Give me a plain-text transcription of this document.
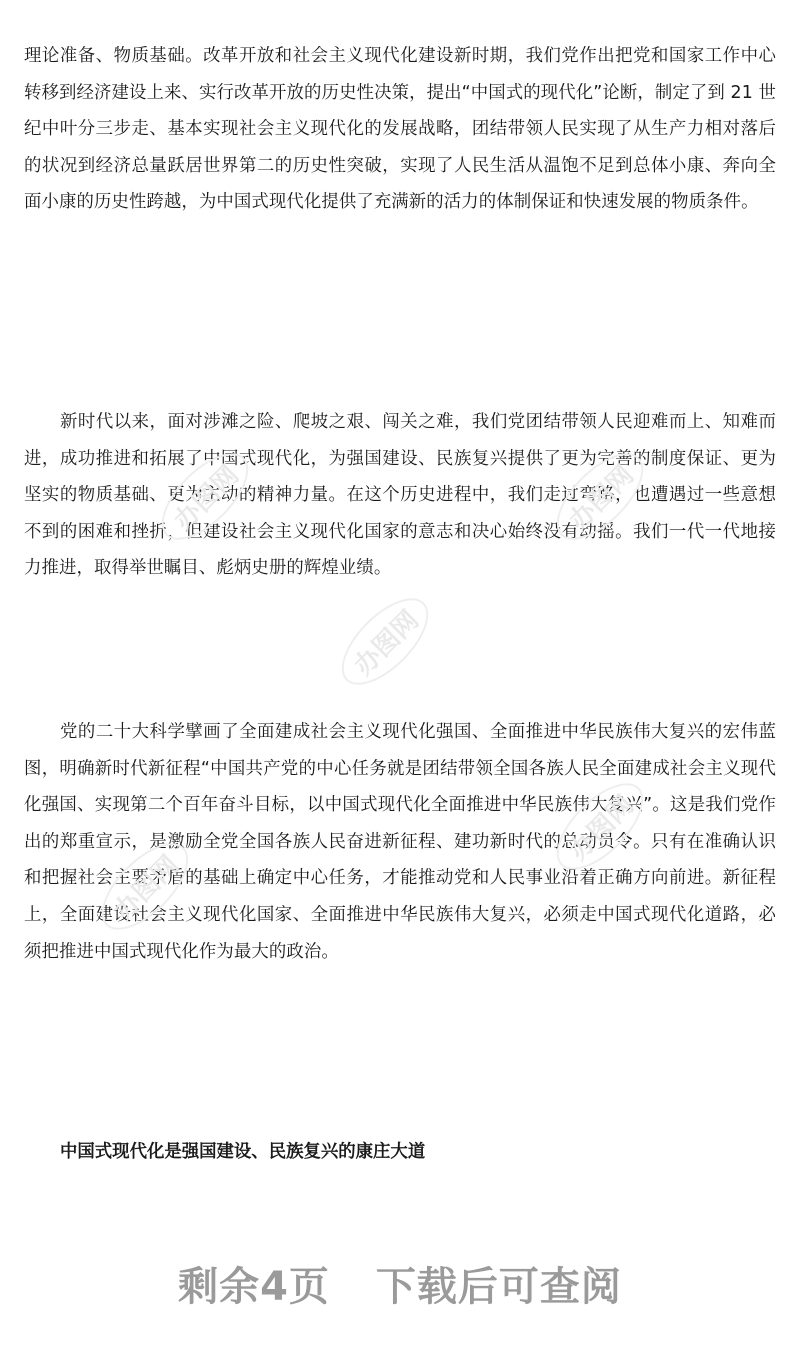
理论准备、物质基础。改革开放和社会主义现代化建设新时期，我们党作出把党和国家工作中心转移到经济建设上来、实行改革开放的历史性决策，提出“中国式的现代化”论断，制定了到 21 世纪中叶分三步走、基本实现社会主义现代化的发展战略，团结带领人民实现了从生产力相对落后的状况到经济总量跃居世界第二的历史性突破，实现了人民生活从温饱不足到总体小康、奔向全面小康的历史性跨越，为中国式现代化提供了充满新的活力的体制保证和快速发展的物质条件。

新时代以来，面对涉滩之险、爬坡之艰、闯关之难，我们党团结带领人民迎难而上、知难而进，成功推进和拓展了中国式现代化，为强国建设、民族复兴提供了更为完善的制度保证、更为坚实的物质基础、更为主动的精神力量。在这个历史进程中，我们走过弯路，也遭遇过一些意想不到的困难和挫折，但建设社会主义现代化国家的意志和决心始终没有动摇。我们一代一代地接力推进，取得举世瞩目、彪炳史册的辉煌业绩。

党的二十大科学擘画了全面建成社会主义现代化强国、全面推进中华民族伟大复兴的宏伟蓝图，明确新时代新征程“中国共产党的中心任务就是团结带领全国各族人民全面建成社会主义现代化强国、实现第二个百年奋斗目标，以中国式现代化全面推进中华民族伟大复兴”。这是我们党作出的郑重宣示，是激励全党全国各族人民奋进新征程、建功新时代的总动员令。只有在准确认识和把握社会主要矛盾的基础上确定中心任务，才能推动党和人民事业沿着正确方向前进。新征程上，全面建设社会主义现代化国家、全面推进中华民族伟大复兴，必须走中国式现代化道路，必须把推进中国式现代化作为最大的政治。

中国式现代化是强国建设、民族复兴的康庄大道

办图网	办图网
办图网
办图网
办图网
剩余4页 下载后可查阅
